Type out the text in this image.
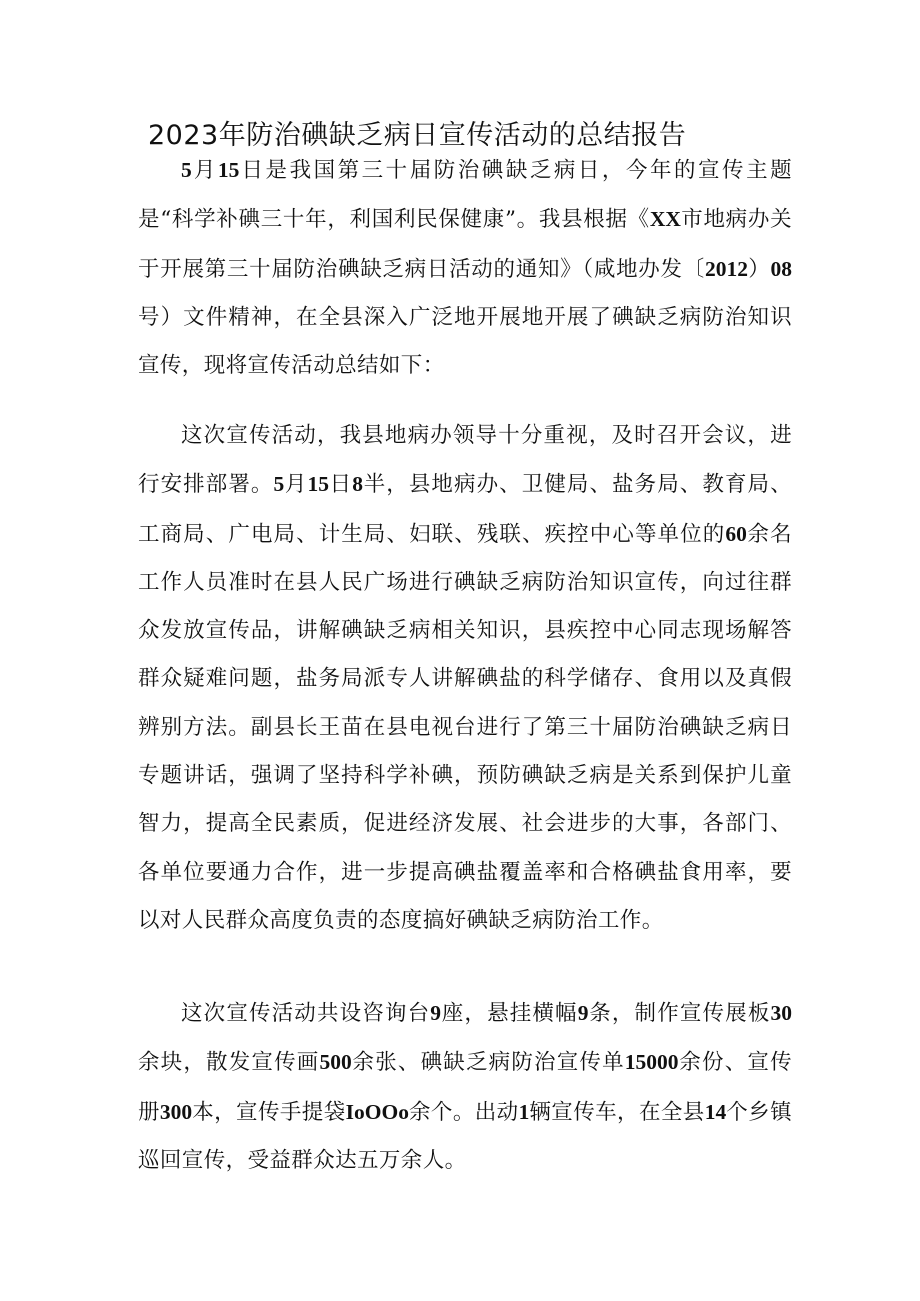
2023年防治碘缺乏病日宣传活动的总结报告

5月15日是我国第三十届防治碘缺乏病日，今年的宣传主题是“科学补碘三十年，利国利民保健康”。我县根据《XX市地病办关于开展第三十届防治碘缺乏病日活动的通知》（咸地办发〔2012）08号）文件精神，在全县深入广泛地开展地开展了碘缺乏病防治知识宣传，现将宣传活动总结如下：

这次宣传活动，我县地病办领导十分重视，及时召开会议，进行安排部署。5月15日8半，县地病办、卫健局、盐务局、教育局、工商局、广电局、计生局、妇联、残联、疾控中心等单位的60余名工作人员准时在县人民广场进行碘缺乏病防治知识宣传，向过往群众发放宣传品，讲解碘缺乏病相关知识，县疾控中心同志现场解答群众疑难问题，盐务局派专人讲解碘盐的科学储存、食用以及真假辨别方法。副县长王苗在县电视台进行了第三十届防治碘缺乏病日专题讲话，强调了坚持科学补碘，预防碘缺乏病是关系到保护儿童智力，提高全民素质，促进经济发展、社会进步的大事，各部门、各单位要通力合作，进一步提高碘盐覆盖率和合格碘盐食用率，要以对人民群众高度负责的态度搞好碘缺乏病防治工作。

这次宣传活动共设咨询台9座，悬挂横幅9条，制作宣传展板30余块，散发宣传画500余张、碘缺乏病防治宣传单15000余份、宣传册300本，宣传手提袋IoOOo余个。出动1辆宣传车，在全县14个乡镇巡回宣传，受益群众达五万余人。
